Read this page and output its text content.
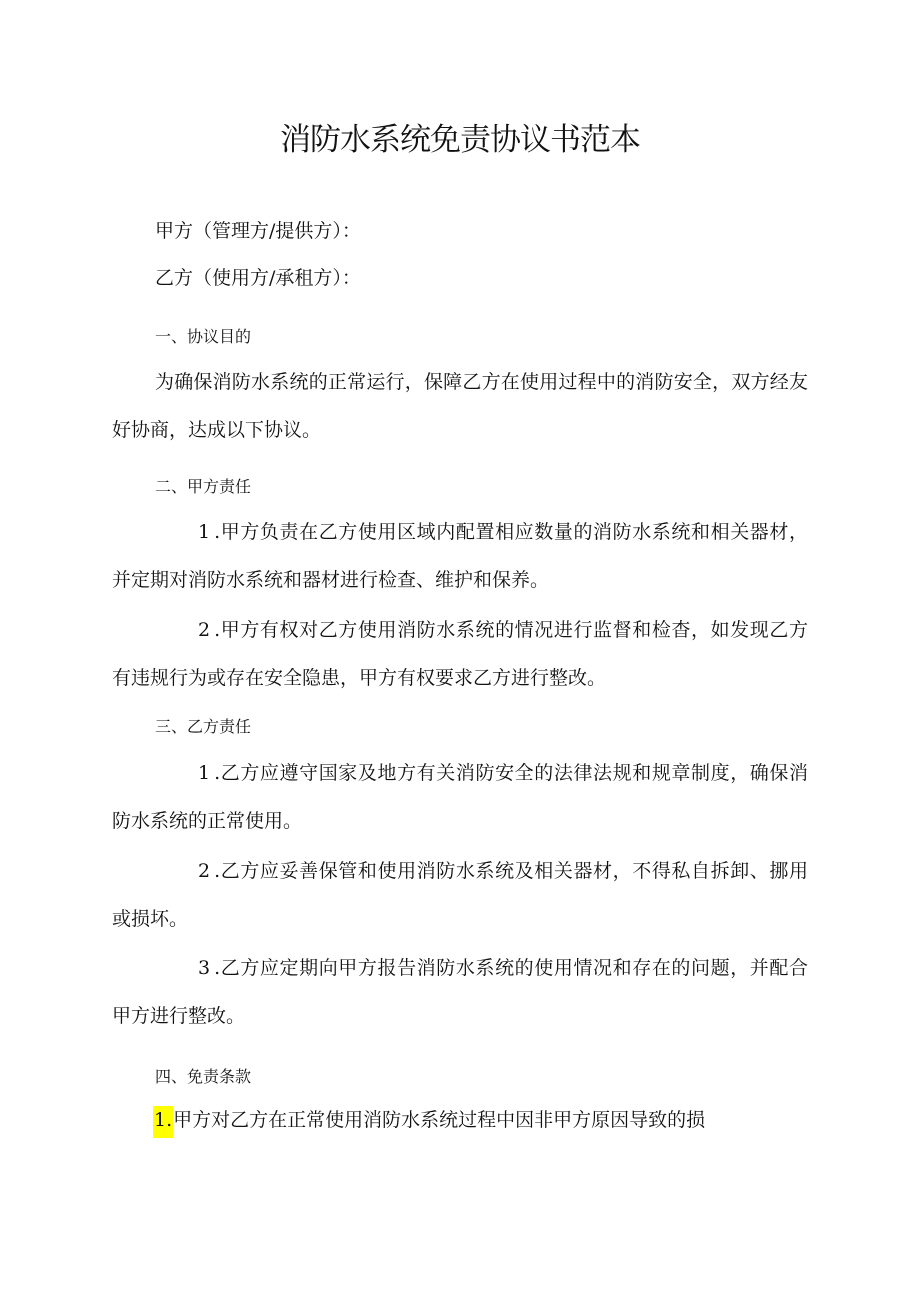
消防水系统免责协议书范本

甲方（管理方/提供方）：

乙方（使用方/承租方）：

一、协议目的

为确保消防水系统的正常运行，保障乙方在使用过程中的消防安全，双方经友好协商，达成以下协议。

二、甲方责任

1 .甲方负责在乙方使用区域内配置相应数量的消防水系统和相关器材，并定期对消防水系统和器材进行检查、维护和保养。

2 .甲方有权对乙方使用消防水系统的情况进行监督和检杳，如发现乙方有违规行为或存在安全隐患，甲方有权要求乙方进行整改。

三、乙方责任

1 .乙方应遵守国家及地方有关消防安全的法律法规和规章制度，确保消防水系统的正常使用。

2 .乙方应妥善保管和使用消防水系统及相关器材，不得私自拆卸、挪用或损坏。

3 .乙方应定期向甲方报告消防水系统的使用情况和存在的问题，并配合甲方进行整改。

四、免责条款

1.甲方对乙方在正常使用消防水系统过程中因非甲方原因导致的损
